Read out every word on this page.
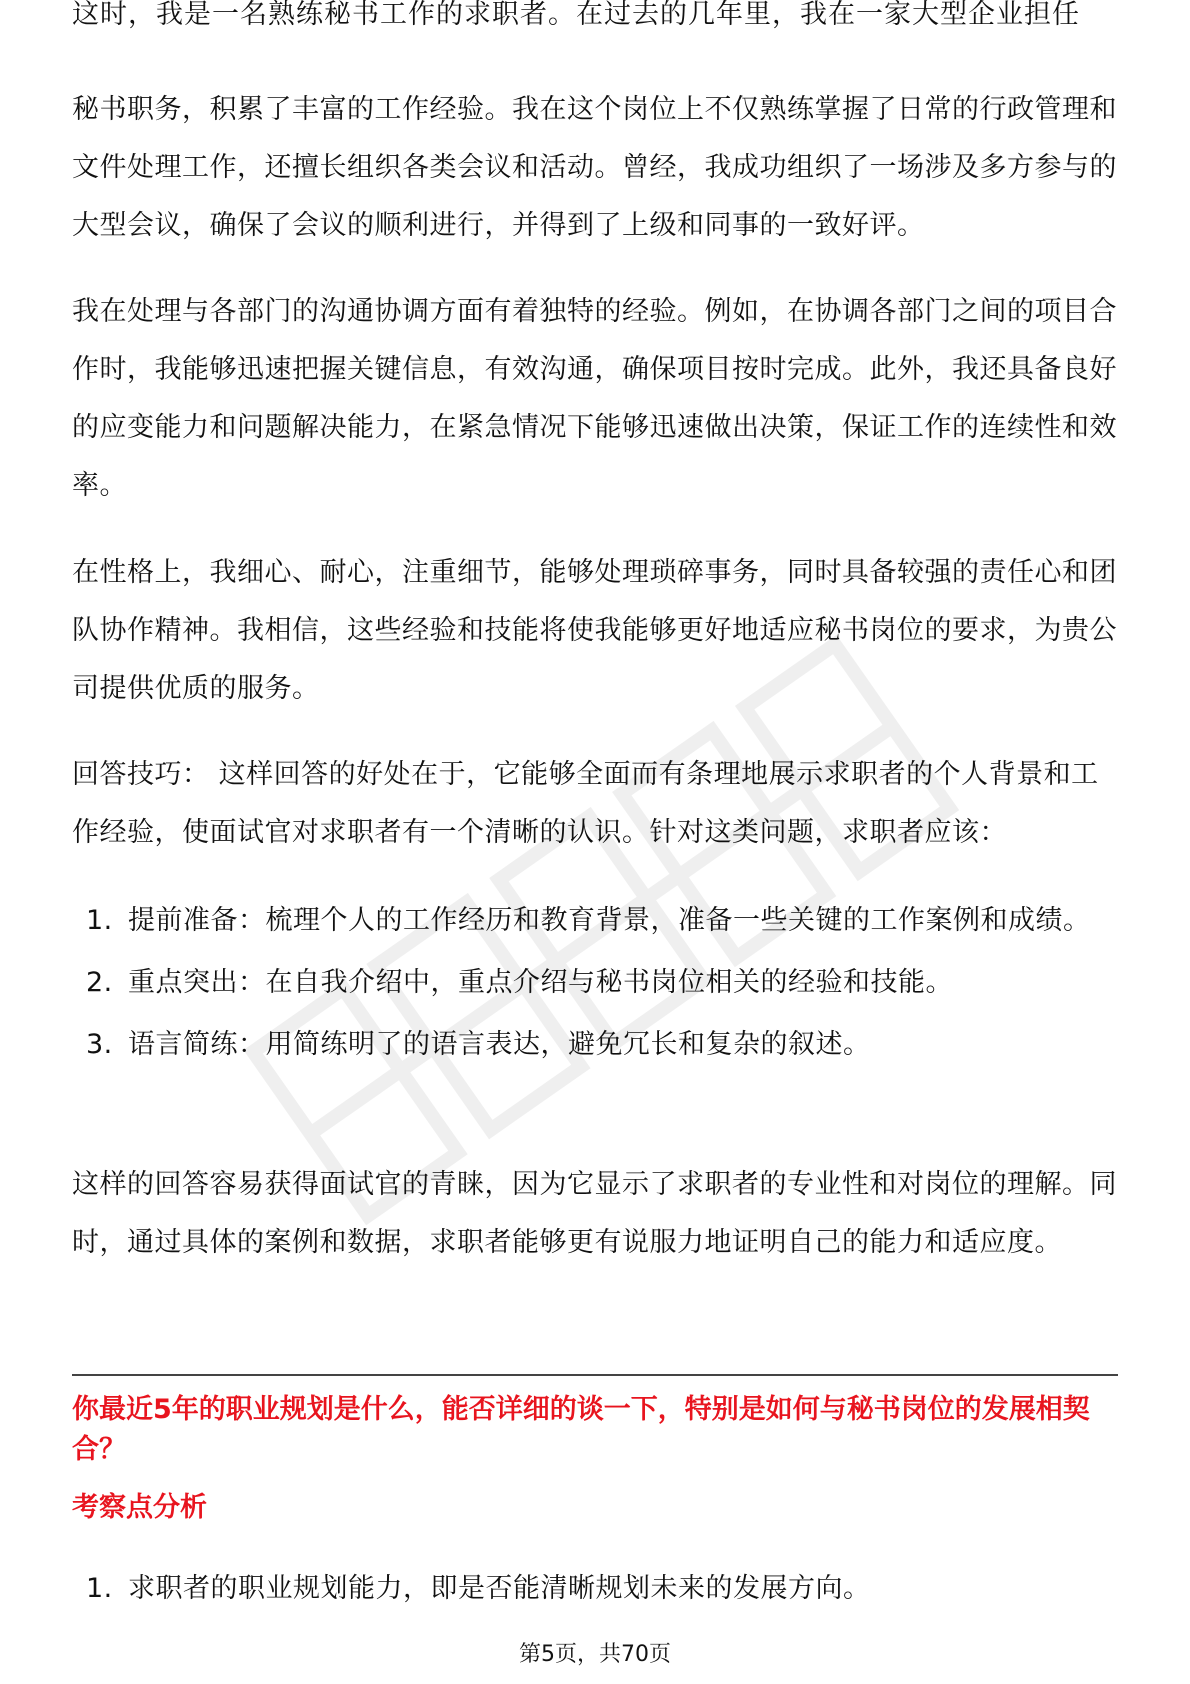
这时，我是一名熟练秘书工作的求职者。在过去的几年里，我在一家大型企业担任

秘书职务，积累了丰富的工作经验。我在这个岗位上不仅熟练掌握了日常的行政管理和文件处理工作，还擅长组织各类会议和活动。曾经，我成功组织了一场涉及多方参与的大型会议，确保了会议的顺利进行，并得到了上级和同事的一致好评。

我在处理与各部门的沟通协调方面有着独特的经验。例如，在协调各部门之间的项目合作时，我能够迅速把握关键信息，有效沟通，确保项目按时完成。此外，我还具备良好的应变能力和问题解决能力，在紧急情况下能够迅速做出决策，保证工作的连续性和效率。

在性格上，我细心、耐心，注重细节，能够处理琐碎事务，同时具备较强的责任心和团队协作精神。我相信，这些经验和技能将使我能够更好地适应秘书岗位的要求，为贵公司提供优质的服务。

回答技巧： 这样回答的好处在于，它能够全面而有条理地展示求职者的个人背景和工作经验，使面试官对求职者有一个清晰的认识。针对这类问题，求职者应该：

1. 提前准备：梳理个人的工作经历和教育背景，准备一些关键的工作案例和成绩。
2. 重点突出：在自我介绍中，重点介绍与秘书岗位相关的经验和技能。
3. 语言简练：用简练明了的语言表达，避免冗长和复杂的叙述。

这样的回答容易获得面试官的青睐，因为它显示了求职者的专业性和对岗位的理解。同时，通过具体的案例和数据，求职者能够更有说服力地证明自己的能力和适应度。

你最近5年的职业规划是什么，能否详细的谈一下，特别是如何与秘书岗位的发展相契合？

考察点分析

1. 求职者的职业规划能力，即是否能清晰规划未来的发展方向。
第5页，共70页
